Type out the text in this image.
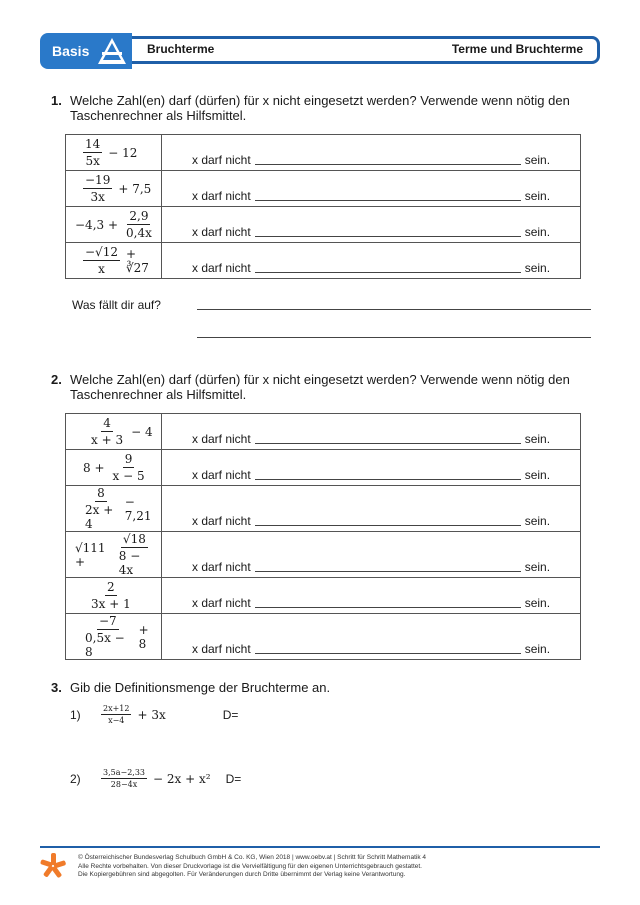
Basis	Bruchterme	Terme und Bruchterme
1. Welche Zahl(en) darf (dürfen) für x nicht eingesetzt werden? Verwende wenn nötig den Taschenrechner als Hilfsmittel.
$\frac{14}{5x} - 12$	x darf nicht sein.

$\frac{-19}{3x} + 7,5$	x darf nicht sein.

$-4,3 + \frac{2,9}{0,4x}$	x darf nicht sein.

$\frac{-√12}{x}$ + ∛27	x darf nicht sein.
Was fällt dir auf?
2. Welche Zahl(en) darf (dürfen) für x nicht eingesetzt werden? Verwende wenn nötig den Taschenrechner als Hilfsmittel.
$\frac{4}{x + 3} - 4$	x darf nicht sein.

$8 + \frac{9}{x - 5}$	x darf nicht sein.

$\frac{8}{2x + 4} - 7,21$	x darf nicht sein.

$√111 + \frac{√18}{8 - 4x}$	x darf nicht sein.

$\frac{2}{3x + 1}$	x darf nicht sein.

$\frac{-7}{0,5x - 8} + 8$	x darf nicht sein.
3. Gib die Definitionsmenge der Bruchterme an.
1)	$\frac{2x+12}{x-4} + 3x$	D=
2)	$\frac{3,5a-2,33}{28-4x} - 2x + x^2$ D=
© Österreichischer Bundesverlag Schulbuch GmbH & Co. KG, Wien 2018 | www.oebv.at | Schritt für Schritt Mathematik 4
Alle Rechte vorbehalten. Von dieser Druckvorlage ist die Vervielfältigung für den eigenen Unterrichtsgebrauch gestattet.
Die Kopiergebühren sind abgegolten. Für Veränderungen durch Dritte übernimmt der Verlag keine Verantwortung.
